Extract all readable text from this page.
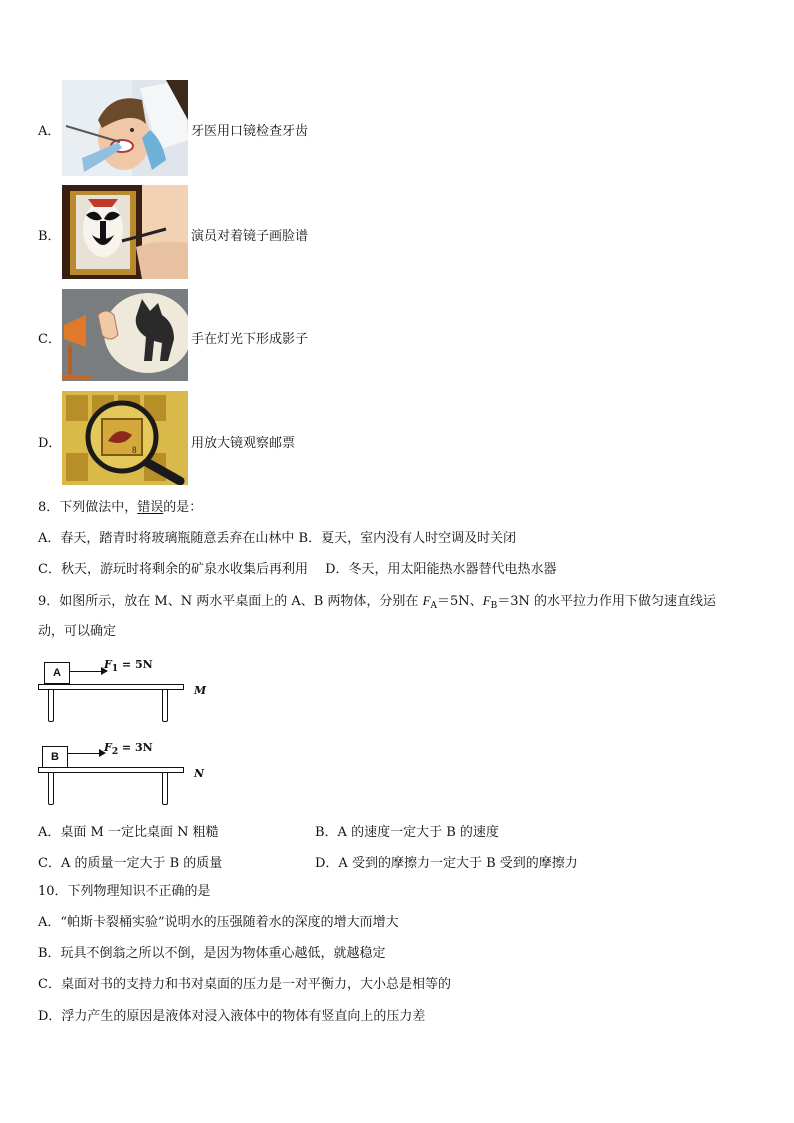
A．	牙医用口镜检查牙齿
B．	演员对着镜子画脸谱
C．	手在灯光下形成影子
D．	8	用放大镜观察邮票
8．下列做法中，错误的是：
A．春天，踏青时将玻璃瓶随意丢弃在山林中 B．夏天，室内没有人时空调及时关闭
C．秋天，游玩时将剩余的矿泉水收集后再利用　 D．冬天，用太阳能热水器替代电热水器
9．如图所示，放在 M、N 两水平桌面上的 A、B 两物体，分别在 $F_A=5N$、$F_B=3N$ 的水平拉力作用下做匀速直线运
动，可以确定
A
$F_1 = 5N$
M
B
$F_2 = 3N$
N
A．桌面 M 一定比桌面 N 粗糙	B．A 的速度一定大于 B 的速度
C．A 的质量一定大于 B 的质量	D．A 受到的摩擦力一定大于 B 受到的摩擦力
10．下列物理知识不正确的是
A．“帕斯卡裂桶实验”说明水的压强随着水的深度的增大而增大
B．玩具不倒翁之所以不倒，是因为物体重心越低，就越稳定
C．桌面对书的支持力和书对桌面的压力是一对平衡力，大小总是相等的
D．浮力产生的原因是液体对浸入液体中的物体有竖直向上的压力差
